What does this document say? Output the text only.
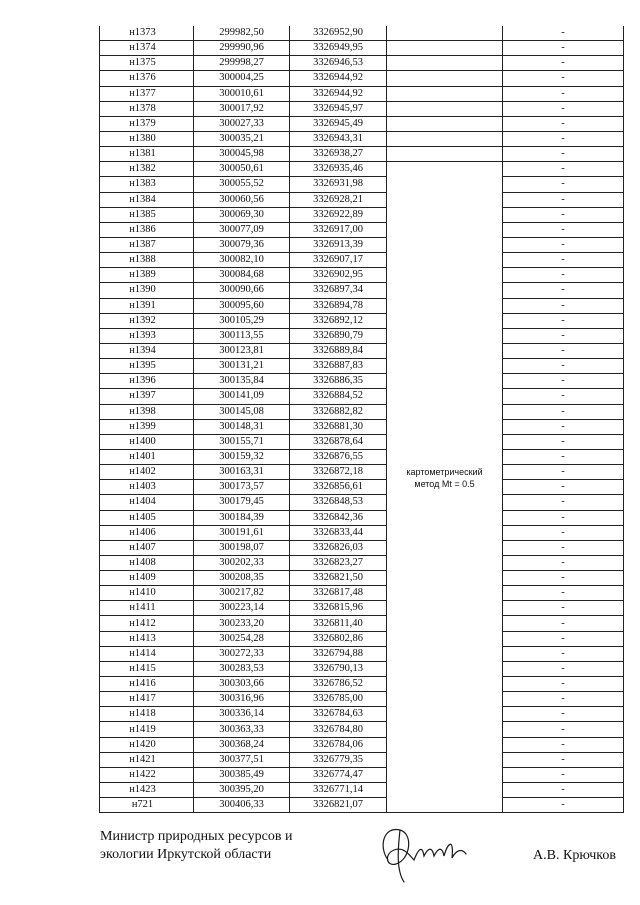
н1373	299982,50	3326952,90		-
н1374	299990,96	3326949,95		-
н1375	299998,27	3326946,53		-
н1376	300004,25	3326944,92		-
н1377	300010,61	3326944,92		-
н1378	300017,92	3326945,97		-
н1379	300027,33	3326945,49		-
н1380	300035,21	3326943,31		-
н1381	300045,98	3326938,27		-
н1382	300050,61	3326935,46	картометрический
метод Mt = 0.5	-
н1383	300055,52	3326931,98		-
н1384	300060,56	3326928,21		-
н1385	300069,30	3326922,89		-
н1386	300077,09	3326917,00		-
н1387	300079,36	3326913,39		-
н1388	300082,10	3326907,17		-
н1389	300084,68	3326902,95		-
н1390	300090,66	3326897,34		-
н1391	300095,60	3326894,78		-
н1392	300105,29	3326892,12		-
н1393	300113,55	3326890,79		-
н1394	300123,81	3326889,84		-
н1395	300131,21	3326887,83		-
н1396	300135,84	3326886,35		-
н1397	300141,09	3326884,52		-
н1398	300145,08	3326882,82		-
н1399	300148,31	3326881,30		-
н1400	300155,71	3326878,64		-
н1401	300159,32	3326876,55		-
н1402	300163,31	3326872,18		-
н1403	300173,57	3326856,61		-
н1404	300179,45	3326848,53		-
н1405	300184,39	3326842,36		-
н1406	300191,61	3326833,44		-
н1407	300198,07	3326826,03		-
н1408	300202,33	3326823,27		-
н1409	300208,35	3326821,50		-
н1410	300217,82	3326817,48		-
н1411	300223,14	3326815,96		-
н1412	300233,20	3326811,40		-
н1413	300254,28	3326802,86		-
н1414	300272,33	3326794,88		-
н1415	300283,53	3326790,13		-
н1416	300303,66	3326786,52		-
н1417	300316,96	3326785,00		-
н1418	300336,14	3326784,63		-
н1419	300363,33	3326784,80		-
н1420	300368,24	3326784,06		-
н1421	300377,51	3326779,35		-
н1422	300385,49	3326774,47		-
н1423	300395,20	3326771,14		-
н721	300406,33	3326821,07		-
Министр природных ресурсов и
экологии Иркутской области	А.В. Крючков
